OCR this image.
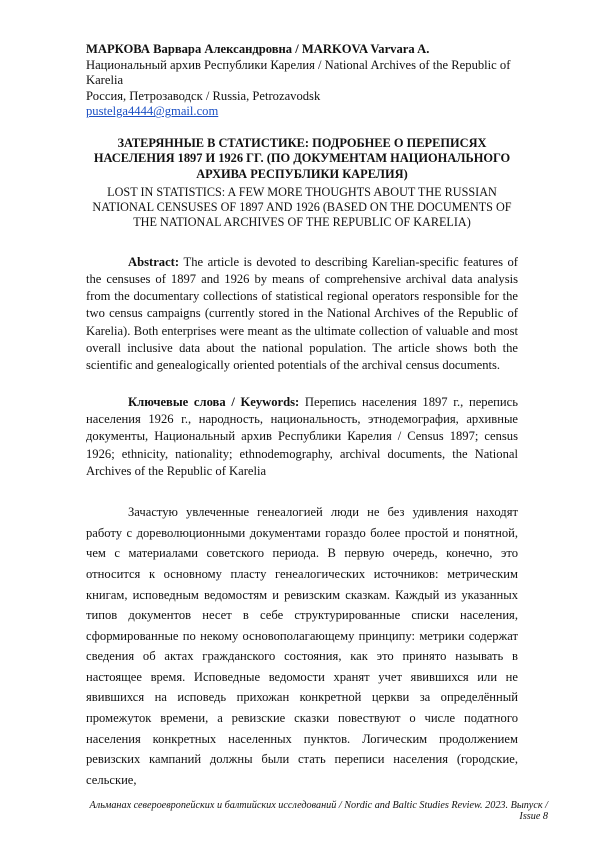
МАРКОВА Варвара Александровна / MARKOVA Varvara A.
Национальный архив Республики Карелия / National Archives of the Republic of Karelia
Россия, Петрозаводск / Russia, Petrozavodsk
pustelga4444@gmail.com
ЗАТЕРЯННЫЕ В СТАТИСТИКЕ: ПОДРОБНЕЕ О ПЕРЕПИСЯХ НАСЕЛЕНИЯ 1897 И 1926 ГГ. (ПО ДОКУМЕНТАМ НАЦИОНАЛЬНОГО АРХИВА РЕСПУБЛИКИ КАРЕЛИЯ)
LOST IN STATISTICS: A FEW MORE THOUGHTS ABOUT THE RUSSIAN NATIONAL CENSUSES OF 1897 AND 1926 (BASED ON THE DOCUMENTS OF THE NATIONAL ARCHIVES OF THE REPUBLIC OF KARELIA)
Abstract: The article is devoted to describing Karelian-specific features of the censuses of 1897 and 1926 by means of comprehensive archival data analysis from the documentary collections of statistical regional operators responsible for the two census campaigns (currently stored in the National Archives of the Republic of Karelia). Both enterprises were meant as the ultimate collection of valuable and most overall inclusive data about the national population. The article shows both the scientific and genealogically oriented potentials of the archival census documents.
Ключевые слова / Keywords: Перепись населения 1897 г., перепись населения 1926 г., народность, национальность, этнодемография, архивные документы, Национальный архив Республики Карелия / Census 1897; census 1926; ethnicity, nationality; ethnodemography, archival documents, the National Archives of the Republic of Karelia
Зачастую увлеченные генеалогией люди не без удивления находят работу с дореволюционными документами гораздо более простой и понятной, чем с материалами советского периода. В первую очередь, конечно, это относится к основному пласту генеалогических источников: метрическим книгам, исповедным ведомостям и ревизским сказкам. Каждый из указанных типов документов несет в себе структурированные списки населения, сформированные по некому основополагающему принципу: метрики содержат сведения об актах гражданского состояния, как это принято называть в настоящее время. Исповедные ведомости хранят учет явившихся или не явившихся на исповедь прихожан конкретной церкви за определённый промежуток времени, а ревизские сказки повествуют о числе податного населения конкретных населенных пунктов. Логическим продолжением ревизских кампаний должны были стать переписи населения (городские, сельские,
Альманах североевропейских и балтийских исследований / Nordic and Baltic Studies Review. 2023. Выпуск / Issue 8
